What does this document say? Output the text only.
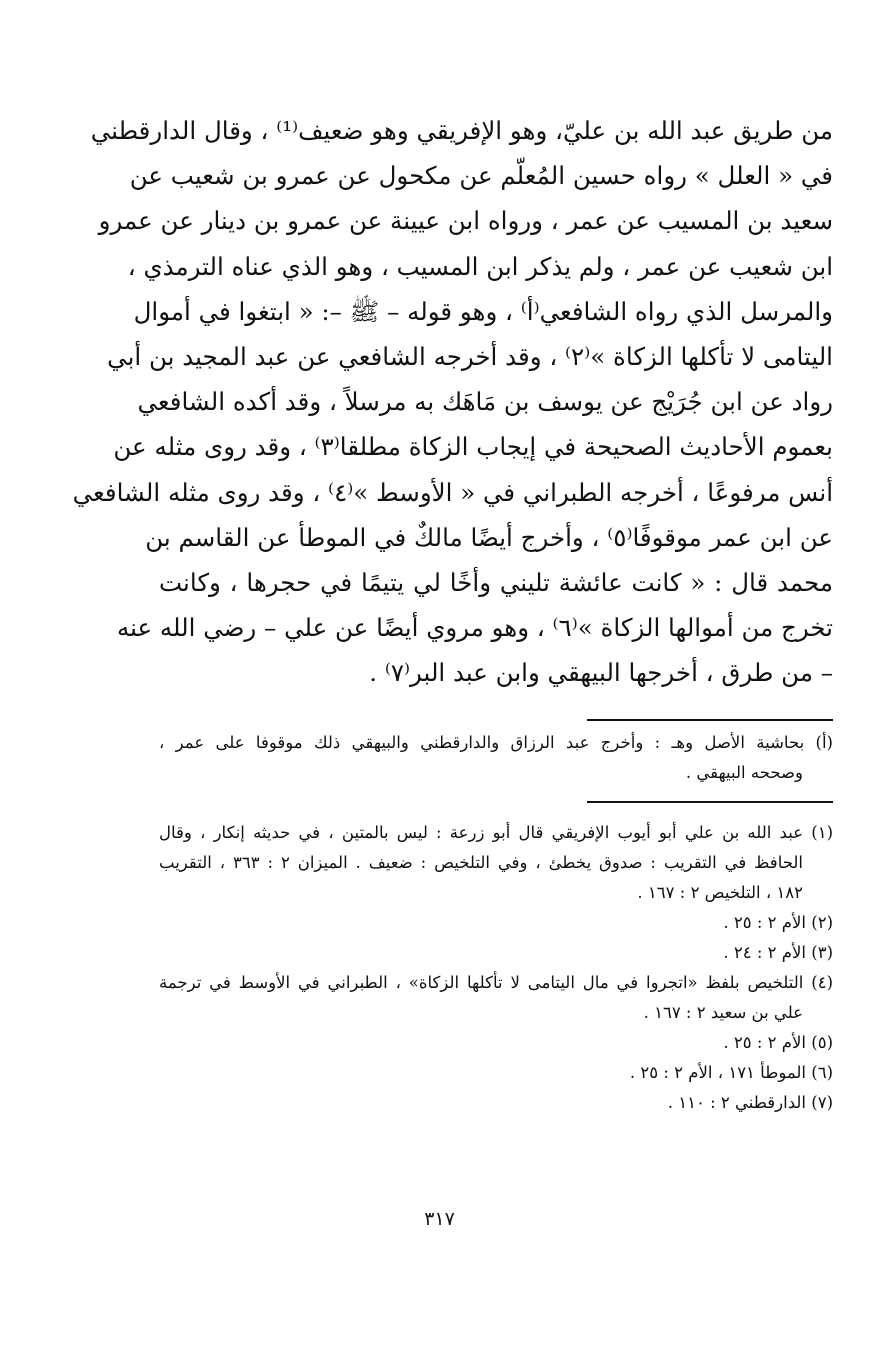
من طريق عبد الله بن عليّ، وهو الإفريقي وهو ضعيف⁽¹⁾ ، وقال الدارقطني
في « العلل » رواه حسين المُعلّم عن مكحول عن عمرو بن شعيب عن
سعيد بن المسيب عن عمر ، ورواه ابن عيينة عن عمرو بن دينار عن عمرو
ابن شعيب عن عمر ، ولم يذكر ابن المسيب ، وهو الذي عناه الترمذي ،
والمرسل الذي رواه الشافعي⁽أ⁾ ، وهو قوله – ﷺ –: « ابتغوا في أموال
اليتامى لا تأكلها الزكاة »⁽٢⁾ ، وقد أخرجه الشافعي عن عبد المجيد بن أبي
رواد عن ابن جُرَيْج عن يوسف بن مَاهَك به مرسلاً ، وقد أكده الشافعي
بعموم الأحاديث الصحيحة في إيجاب الزكاة مطلقا⁽٣⁾ ، وقد روى مثله عن
أنس مرفوعًا ، أخرجه الطبراني في « الأوسط »⁽٤⁾ ، وقد روى مثله الشافعي
عن ابن عمر موقوفًا⁽٥⁾ ، وأخرج أيضًا مالكٌ في الموطأ عن القاسم بن
محمد قال : « كانت عائشة تليني وأخًا لي يتيمًا في حجرها ، وكانت
تخرج من أموالها الزكاة »⁽٦⁾ ، وهو مروي أيضًا عن علي – رضي الله عنه
– من طرق ، أخرجها البيهقي وابن عبد البر⁽٧⁾ .
(أ) بحاشية الأصل وهـ : وأخرج عبد الرزاق والدارقطني والبيهقي ذلك موقوفا على عمر ،
وصححه البيهقي .
(١) عبد الله بن علي أبو أيوب الإفريقي قال أبو زرعة : ليس بالمتين ، في حديثه إنكار ، وقال
الحافظ في التقريب : صدوق يخطئ ، وفي التلخيص : ضعيف . الميزان ٢ : ٣٦٣ ، التقريب
١٨٢ ، التلخيص ٢ : ١٦٧ .
(٢) الأم ٢ : ٢٥ .
(٣) الأم ٢ : ٢٤ .
(٤) التلخيص بلفظ «اتجروا في مال اليتامى لا تأكلها الزكاة» ، الطبراني في الأوسط في ترجمة
علي بن سعيد ٢ : ١٦٧ .
(٥) الأم ٢ : ٢٥ .
(٦) الموطأ ١٧١ ، الأم ٢ : ٢٥ .
(٧) الدارقطني ٢ : ١١٠ .
٣١٧
